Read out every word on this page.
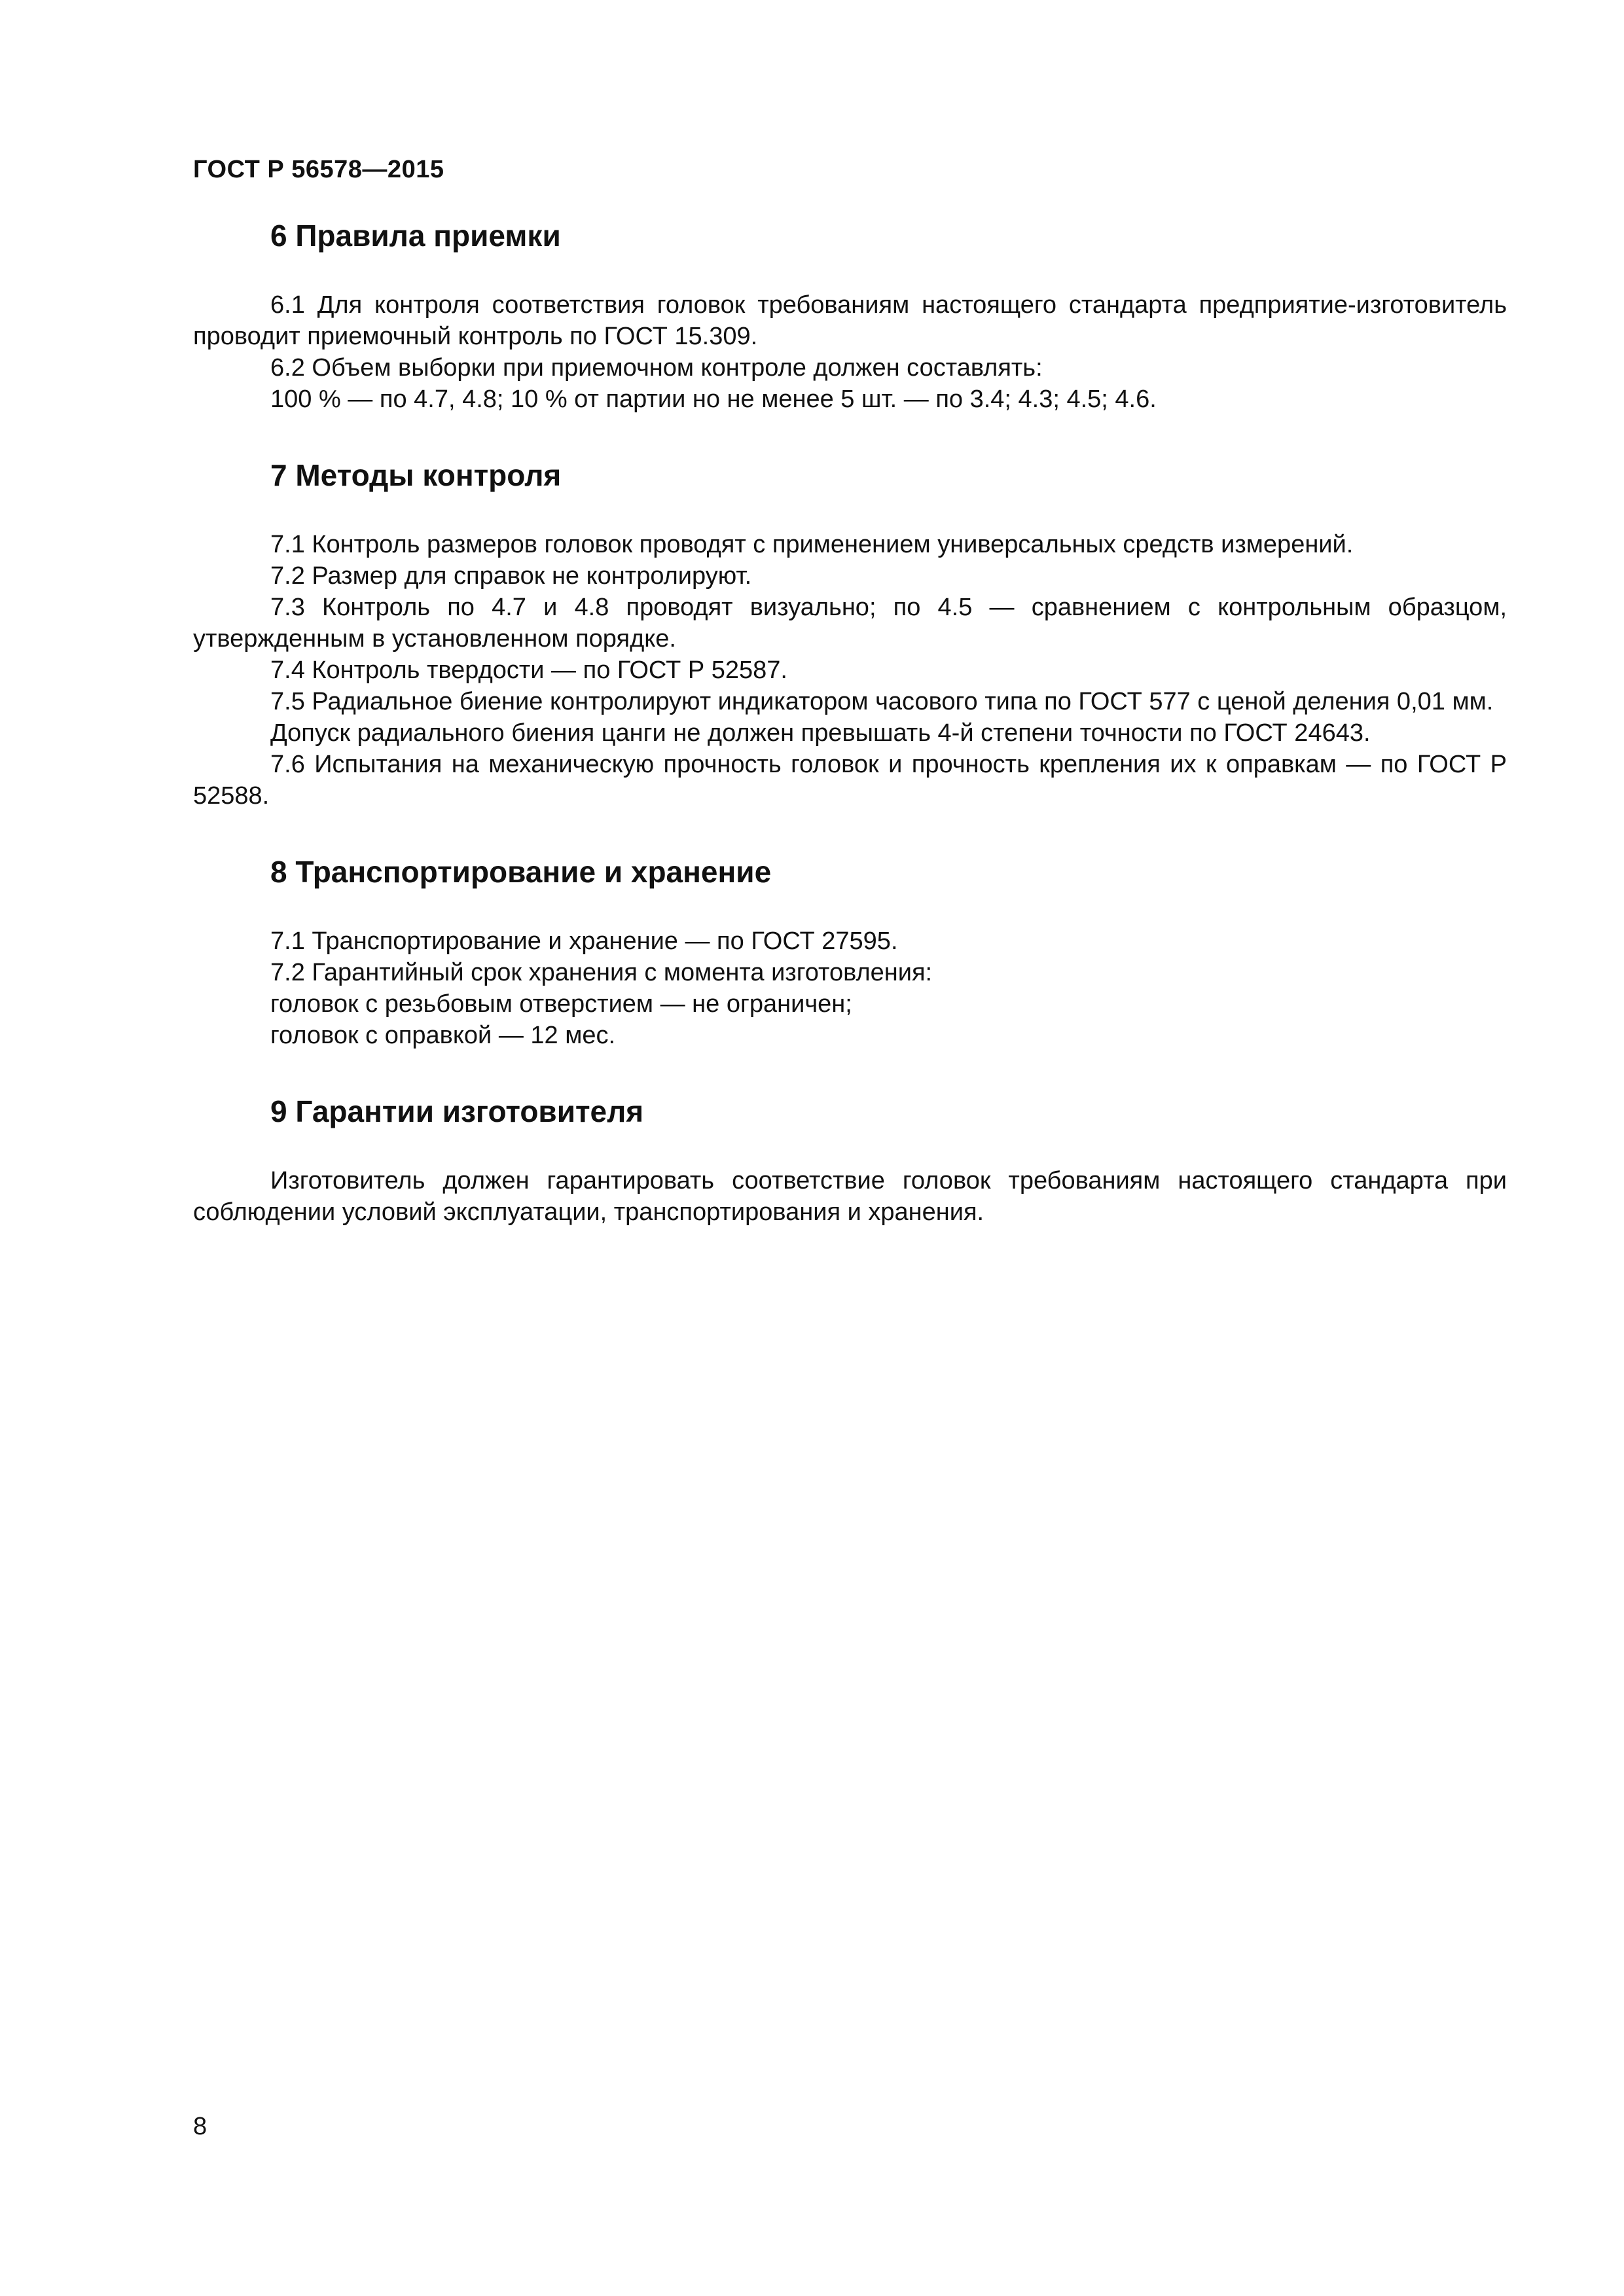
ГОСТ Р 56578—2015
6 Правила приемки

6.1 Для контроля соответствия головок требованиям настоящего стандарта предприятие-изготовитель проводит приемочный контроль по ГОСТ 15.309.

6.2 Объем выборки при приемочном контроле должен составлять:

100 % — по 4.7, 4.8; 10 % от партии но не менее 5 шт. — по 3.4; 4.3; 4.5; 4.6.

7 Методы контроля

7.1 Контроль размеров головок проводят с применением универсальных средств измерений.

7.2 Размер для справок не контролируют.

7.3 Контроль по 4.7 и 4.8 проводят визуально; по 4.5 — сравнением с контрольным образцом, утвержденным в установленном порядке.

7.4 Контроль твердости — по ГОСТ Р 52587.

7.5 Радиальное биение контролируют индикатором часового типа по ГОСТ 577 с ценой деления 0,01 мм.

Допуск радиального биения цанги не должен превышать 4-й степени точности по ГОСТ 24643.

7.6 Испытания на механическую прочность головок и прочность крепления их к оправкам — по ГОСТ Р 52588.

8 Транспортирование и хранение

7.1 Транспортирование и хранение — по ГОСТ 27595.

7.2 Гарантийный срок хранения с момента изготовления:

головок с резьбовым отверстием — не ограничен;

головок с оправкой — 12 мес.

9 Гарантии изготовителя

Изготовитель должен гарантировать соответствие головок требованиям настоящего стандарта при соблюдении условий эксплуатации, транспортирования и хранения.

8
